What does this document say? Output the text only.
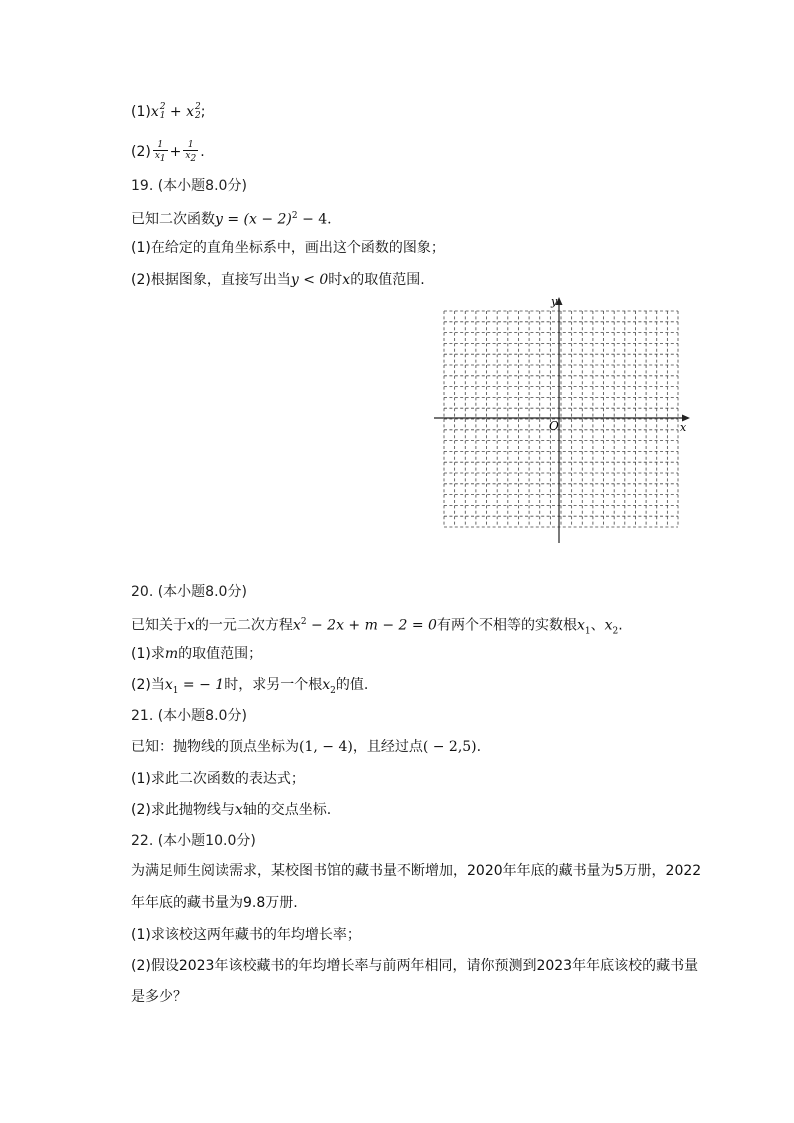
(1)x 2
1 + x 2
2 ;
$(2) \frac{1}{x_1} + \frac{1}{x_2}$ .
19. (本小题8.0分)
已知二次函数$y = (x - 2)^2 - 4$.
(1)在给定的直角坐标系中，画出这个函数的图象；
(2)根据图象，直接写出当y < 0时x的取值范围.
y
x
O
20. (本小题8.0分)
已知关于x的一元二次方程$x^2 - 2x + m - 2 = 0$有两个不相等的实数根$x_1$、$x_2$.
(1)求m的取值范围；
(2)当$x_1$ = − 1时，求另一个根$x_2$的值.
21. (本小题8.0分)
已知：抛物线的顶点坐标为(1, − 4)，且经过点( − 2,5).
(1)求此二次函数的表达式；
(2)求此抛物线与x轴的交点坐标.
22. (本小题10.0分)
为满足师生阅读需求，某校图书馆的藏书量不断增加，2020年年底的藏书量为5万册，2022
年年底的藏书量为9.8万册.
(1)求该校这两年藏书的年均增长率；
(2)假设2023年该校藏书的年均增长率与前两年相同，请你预测到2023年年底该校的藏书量
是多少？
